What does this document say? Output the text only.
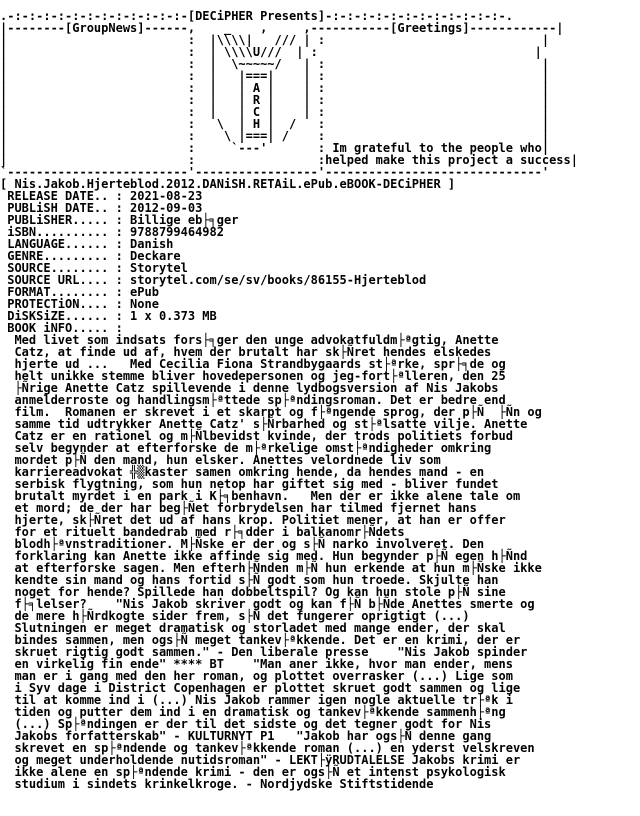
.-:-:-:-:-:-:-:-:-:-:-:-:-[DECiPHER Presents]-:-:-:-:-:-:-:-:-:-:-:-:-.
|--------[GroupNews]------,    _    ,     ,-----------[Greetings]------------|
|                         :  |\\\\|   /// | :                              |
|                         :  | \\\\U///  | :                              |
|                         :  |  \~~~~~/   | :                              |
|                         :  |   |===|    | :                              |
|                         :  |   | A |    | :                              |
|                         :  |   | R |    | :                              |
|                         :  |   | C |    | :                              |
|                         :   \  | H |  /   :                              |
|                         :    \ |===| /    :                              |
|                         :     `---'       : Im grateful to the people who|
|                         :                 :helped make this project a success|
`-------------------------'-----------------'------------------------------'
[ Nis.Jakob.Hjerteblod.2012.DANiSH.RETAiL.ePub.eBOOK-DECiPHER ]
RELEASE DATE.. : 2021-08-23
PUBLiSH DATE.. : 2012-09-03
PUBLiSHER..... : Billige eb├╕ger
iSBN.......... : 9788799464982
LANGUAGE...... : Danish
GENRE......... : Deckare
SOURCE........ : Storytel
SOURCE URL.... : storytel.com/se/sv/books/86155-Hjerteblod
FORMAT........ : ePub
PROTECTiON.... : None
DiSKSiZE...... : 1 x 0.373 MB
BOOK iNFO..... :
Med livet som indsats fors├╕ger den unge advokatfuldm├ªgtig, Anette
Catz, at finde ud af, hvem der brutalt har sk├Ñret hendes elskedes
hjerte ud ...   Med Cecilia Fiona Strandbygaards st├ªrke, spr├╕de og
helt unikke stemme bliver hovedepersonen og jeg-fort├ªlleren, den 25
├Ñrige Anette Catz spillevende i denne lydbogsversion af Nis Jakobs
anmelderroste og handlingsm├ªttede sp├ªndingsroman. Det er bedre end
film.  Romanen er skrevet i et skarpt og f├ªngende sprog, der p├Ñ  ├Ñn og
samme tid udtrykker Anette Catz' s├Ñrbarhed og st├ªlsatte vilje. Anette
Catz er en rationel og m├Ñlbevidst kvinde, der trods politiets forbud
selv begynder at efterforske de m├ªrkelige omst├ªndigheder omkring
mordet p├Ñ den mand, hun elsker. Anettes velordnede liv som
karriereadvokat ╬▒kaster samen omkring hende, da hendes mand - en
serbisk flygtning, som hun netop har giftet sig med - bliver fundet
brutalt myrdet i en park i K├╕benhavn.   Men der er ikke alene tale om
et mord; de der har beg├Ñet forbrydelsen har tilmed fjernet hans
hjerte, sk├Ñret det ud af hans krop. Politiet mener, at han er offer
for et rituelt bandedrab med r├╕dder i balkanomr├Ñdets
blodh├ªvnstraditioner. M├Ñske er der og s├Ñ narko involveret. Den
forklaring kan Anette ikke affinde sig med. Hun begynder p├Ñ egen h├Ñnd
at efterforske sagen. Men efterh├Ñnden m├Ñ hun erkende at hun m├Ñske ikke
kendte sin mand og hans fortid s├Ñ godt som hun troede. Skjulte han
noget for hende? Spillede han dobbeltspil? Og kan hun stole p├Ñ sine
f├╕lelser?    "Nis Jakob skriver godt og kan f├Ñ b├Ñde Anettes smerte og
de mere h├Ñrdkogte sider frem, s├Ñ det fungerer oprigtigt (...)
Slutningen er meget dramatisk og storladet med mange ender, der skal
bindes sammen, men ogs├Ñ meget tankev├ªkkende. Det er en krimi, der er
skruet rigtig godt sammen." - Den liberale presse    "Nis Jakob spinder
en virkelig fin ende" **** BT    "Man aner ikke, hvor man ender, mens
man er i gang med den her roman, og plottet overrasker (...) Lige som
i Syv dage i District Copenhagen er plottet skruet godt sammen og lige
til at komme ind i (...) Nis Jakob rammer igen nogle aktuelle tr├ªk i
tiden og putter dem ind i en dramatisk og tankev├ªkkende sammenh├ªng
(...) Sp├ªndingen er der til det sidste og det tegner godt for Nis
Jakobs forfatterskab" - KULTURNYT P1   "Jakob har ogs├Ñ denne gang
skrevet en sp├ªndende og tankev├ªkkende roman (...) en yderst velskreven
og meget underholdende nutidsroman" - LEKT├ÿRUDTALELSE Jakobs krimi er
ikke alene en sp├ªndende krimi - den er ogs├Ñ et intenst psykologisk
studium i sindets krinkelkroge. - Nordjydske Stiftstidende
